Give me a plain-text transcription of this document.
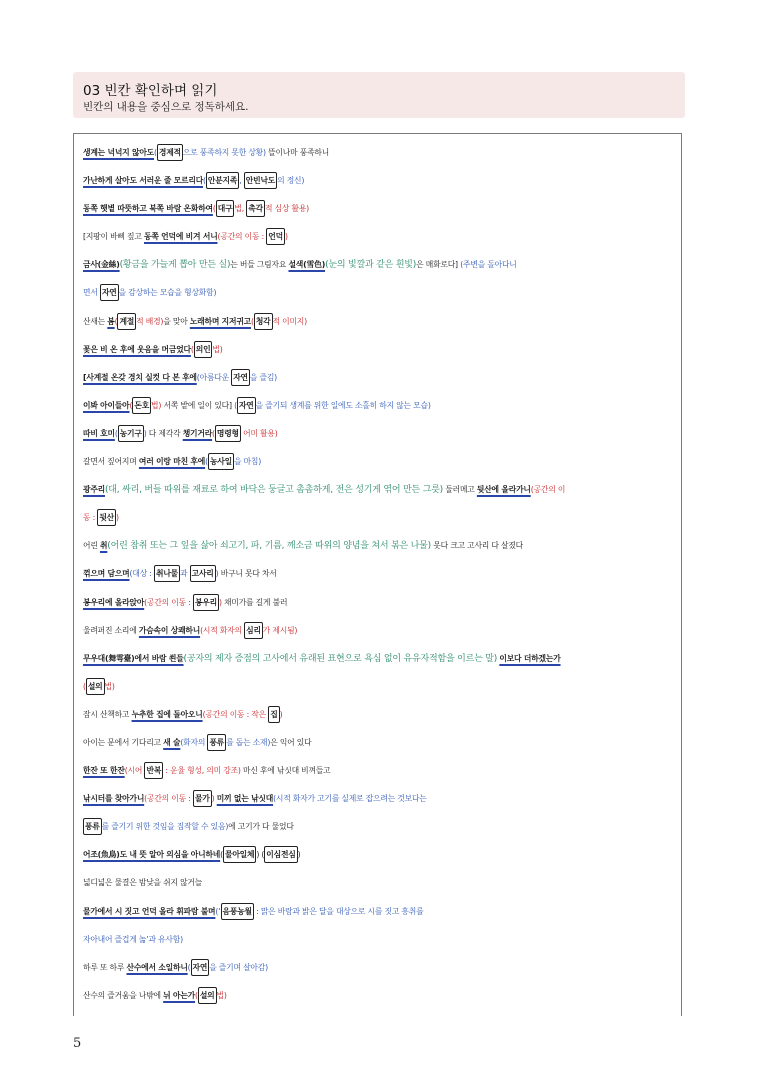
03 빈칸 확인하며 읽기
빈칸의 내용을 중심으로 정독하세요.
생계는 넉넉지 않아도( 경제적 으로 풍족하지 못한 상황) 뜰이나마 풍족하니
가난하게 살아도 서러운 줄 모르리다( 안분지족 , 안빈낙도 의 정신)
동쪽 햇볕 따뜻하고 북쪽 바람 온화하여( 대구 법, 촉각 적 심상 활용)
[지팡이 바삐 짚고 동쪽 언덕에 비겨 서니(공간의 이동 : 언덕 )
금사(金絲)(황금을 가늘게 뽑아 만든 실)는 버들 그림자요 설색(雪色)(눈의 빛깔과 같은 흰빛)은 매화로다] (주변을 돌아다니
면서 자연 을 감상하는 모습을 형상화함)
산새는 봄( 계절 적 배경)을 맞아 노래하며 지저귀고( 청각 적 이미지)
꽃은 비 온 후에 웃음을 머금었다( 의인 법)
[사계절 온갖 경치 실컷 다 본 후에(아름다운 자연 을 즐김)
이봐 아이들아( 돈호 법) 서쪽 밭에 일이 있다] ( 자연 을 즐기되 생계를 위한 일에도 소홀히 하지 않는 모습)
따비 호미( 농기구 ) 다 제각각 챙기거라( 명령형 어미 활용)
갈면서 짚어지며 여러 이랑 마친 후에( 농사일 을 마침)
광주리(대, 싸리, 버들 따위를 재료로 하여 바닥은 둥글고 촘촘하게, 전은 성기게 엮어 만든 그릇) 둘러메고 뒷산에 올라가니(공간의 이
동 : 뒷산 )
어린 취(어린 참취 또는 그 잎을 삶아 쇠고기, 파, 기름, 깨소금 따위의 양념을 쳐서 볶은 나물) 못다 크고 고사리 다 살졌다
꺾으며 담으며(대상 : 취나물 과 고사리 ) 바구니 못다 차서
봉우리에 올라앉아(공간의 이동 : 봉우리 ) 채미가를 길게 불러
울려퍼진 소리에 가슴속이 상쾌하니(시적 화자의 심리 가 제시됨)
무우대(舞雩臺)에서 바람 쐰들(공자의 제자 증점의 고사에서 유래된 표현으로 욕심 없이 유유자적함을 이르는 말) 이보다 더하겠는가
( 설의 법)
잠시 산책하고 누추한 집에 돌아오니(공간의 이동 : 작은 집 )
아이는 문에서 기다리고 새 술(화자의 풍류 를 돕는 소재)은 익어 있다
한잔 또 한잔(시어 반복 : 운율 형성, 의미 강조) 마신 후에 낚싯대 비껴들고
낚시터를 찾아가니(공간의 이동 : 물가 ) 미끼 없는 낚싯대(시적 화자가 고기를 실제로 잡으려는 것보다는
풍류 를 즐기기 위한 것임을 짐작할 수 있음)에 고기가 다 물었다
어조(魚鳥)도 내 뜻 알아 의심을 아니하네( 물아일체 ) ( 이심전심 )
넓디넓은 물결은 밤낮을 쉬지 않거늘
물가에서 시 짓고 언덕 올라 휘파람 불며(‘ 음풍농월 : 맑은 바람과 밝은 달을 대상으로 시를 짓고 흥취를
자아내어 즐겁게 놂’과 유사함)
하루 또 하루 산수에서 소일하니( 자연 을 즐기며 살아감)
산수의 즐거움을 나밖에 뉘 아는가( 설의 법)
5
